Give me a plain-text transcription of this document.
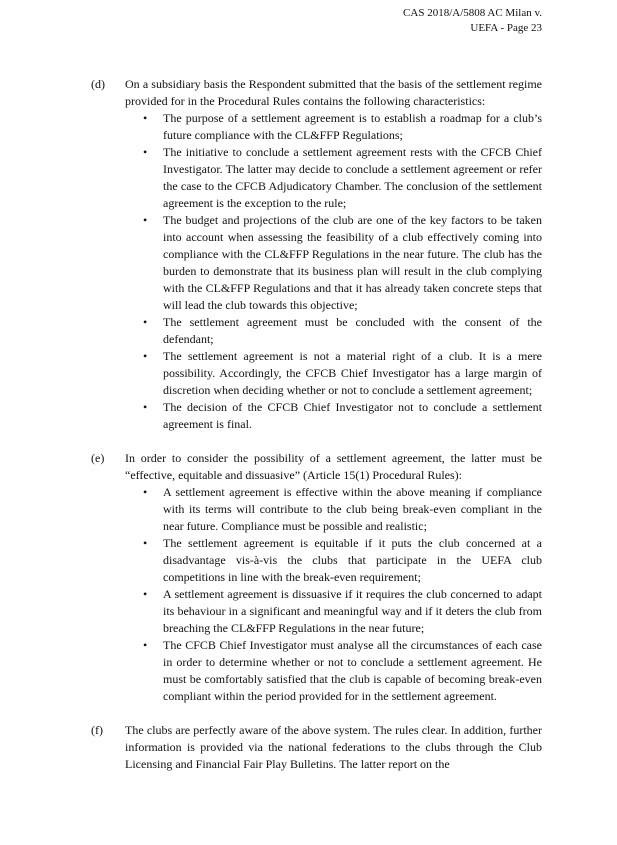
CAS 2018/A/5808 AC Milan v.
UEFA - Page 23
(d) On a subsidiary basis the Respondent submitted that the basis of the settlement regime provided for in the Procedural Rules contains the following characteristics:
• The purpose of a settlement agreement is to establish a roadmap for a club’s future compliance with the CL&FFP Regulations;
• The initiative to conclude a settlement agreement rests with the CFCB Chief Investigator. The latter may decide to conclude a settlement agreement or refer the case to the CFCB Adjudicatory Chamber. The conclusion of the settlement agreement is the exception to the rule;
• The budget and projections of the club are one of the key factors to be taken into account when assessing the feasibility of a club effectively coming into compliance with the CL&FFP Regulations in the near future. The club has the burden to demonstrate that its business plan will result in the club complying with the CL&FFP Regulations and that it has already taken concrete steps that will lead the club towards this objective;
• The settlement agreement must be concluded with the consent of the defendant;
• The settlement agreement is not a material right of a club. It is a mere possibility. Accordingly, the CFCB Chief Investigator has a large margin of discretion when deciding whether or not to conclude a settlement agreement;
• The decision of the CFCB Chief Investigator not to conclude a settlement agreement is final.
(e) In order to consider the possibility of a settlement agreement, the latter must be “effective, equitable and dissuasive” (Article 15(1) Procedural Rules):
• A settlement agreement is effective within the above meaning if compliance with its terms will contribute to the club being break-even compliant in the near future. Compliance must be possible and realistic;
• The settlement agreement is equitable if it puts the club concerned at a disadvantage vis-à-vis the clubs that participate in the UEFA club competitions in line with the break-even requirement;
• A settlement agreement is dissuasive if it requires the club concerned to adapt its behaviour in a significant and meaningful way and if it deters the club from breaching the CL&FFP Regulations in the near future;
• The CFCB Chief Investigator must analyse all the circumstances of each case in order to determine whether or not to conclude a settlement agreement. He must be comfortably satisfied that the club is capable of becoming break-even compliant within the period provided for in the settlement agreement.
(f) The clubs are perfectly aware of the above system. The rules clear. In addition, further information is provided via the national federations to the clubs through the Club Licensing and Financial Fair Play Bulletins. The latter report on the
